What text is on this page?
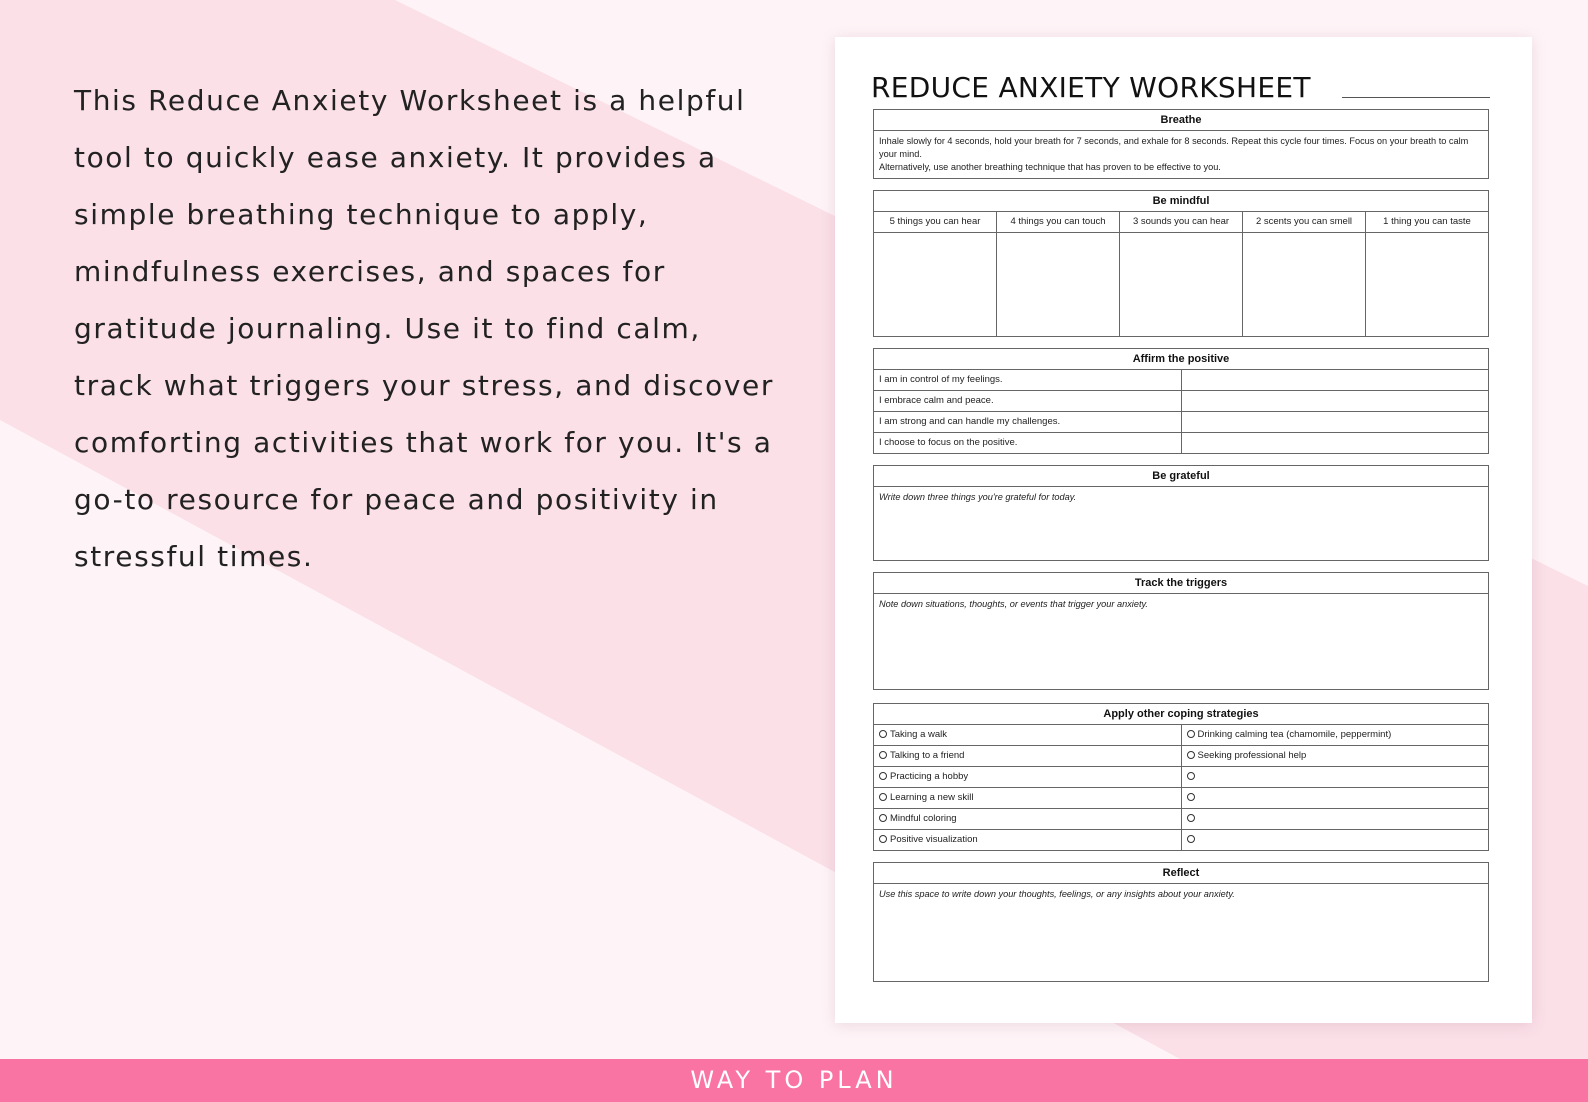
This Reduce Anxiety Worksheet is a helpful tool to quickly ease anxiety. It provides a simple breathing technique to apply, mindfulness exercises, and spaces for gratitude journaling. Use it to find calm, track what triggers your stress, and discover comforting activities that work for you. It's a go-to resource for peace and positivity in stressful times.

REDUCE ANXIETY WORKSHEET
Breathe
Inhale slowly for 4 seconds, hold your breath for 7 seconds, and exhale for 8 seconds. Repeat this cycle four times. Focus on your breath to calm your mind.
Alternatively, use another breathing technique that has proven to be effective to you.
Be mindful
5 things you can hear	4 things you can touch	3 sounds you can hear	2 scents you can smell	1 thing you can taste
Affirm the positive
I am in control of my feelings.
I embrace calm and peace.
I am strong and can handle my challenges.
I choose to focus on the positive.
Be grateful
Write down three things you're grateful for today.
Track the triggers
Note down situations, thoughts, or events that trigger your anxiety.
Apply other coping strategies
Taking a walk	Drinking calming tea (chamomile, peppermint)
Talking to a friend	Seeking professional help
Practicing a hobby
Learning a new skill
Mindful coloring
Positive visualization
Reflect
Use this space to write down your thoughts, feelings, or any insights about your anxiety.
WAY TO PLAN
